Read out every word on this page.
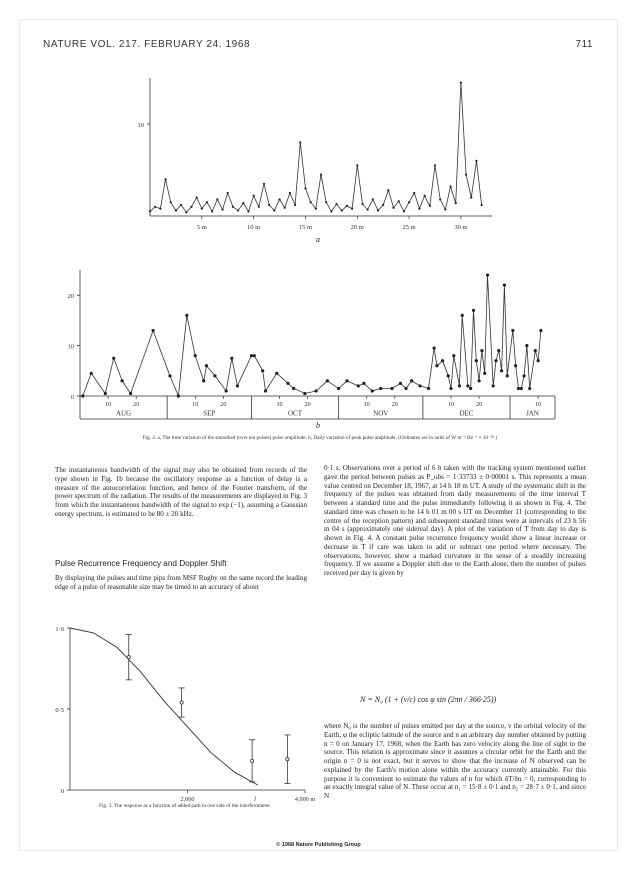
NATURE VOL. 217. FEBRUARY 24. 1968	711
10
5 m	10 m	15 m	20 m	25 m	30 m
a
20
10
0
10	20	10	20	10	20	10	20	10	20	10
AUG	SEP	OCT	NOV	DEC	JAN
b
Fig. 2. a, The time variation of the smoothed (over ten pulses) pulse amplitude. b, Daily variation of peak pulse amplitude. (Ordinates are in units of W m⁻² Hz⁻¹ × 10⁻²⁸.)
The instantaneous bandwidth of the signal may also be obtained from records of the type shown in Fig. 1b because the oscillatory response as a function of delay is a measure of the autocorrelation function, and hence of the Fourier transform, of the power spectrum of the radiation. The results of the measurements are displayed in Fig. 3 from which the instantaneous bandwidth of the signal to exp (−1), assuming a Gaussian energy spectrum, is estimated to be 80 ± 20 kHz.
Pulse Recurrence Frequency and Doppler Shift
By displaying the pulses and time pips from MSF Rugby on the same record the leading edge of a pulse of reasonable size may be timed to an accuracy of about
1·0
0·5
0
2,000	4,000 m
l
Fig. 3. The response as a function of added path in one side of the interferometer.
0·1 s. Observations over a period of 6 h taken with the tracking system mentioned earlier gave the period between pulses as P_obs = 1·33733 ± 0·00001 s. This represents a mean value centred on December 18, 1967, at 14 h 18 m UT. A study of the systematic shift in the frequency of the pulses was obtained from daily measurements of the time interval T between a standard time and the pulse immediately following it as shown in Fig. 4. The standard time was chosen to be 14 h 01 m 00 s UT on December 11 (corresponding to the centre of the reception pattern) and subsequent standard times were at intervals of 23 h 56 m 04 s (approximately one sidereal day). A plot of the variation of T from day to day is shown in Fig. 4. A constant pulse recurrence frequency would show a linear increase or decrease in T if care was taken to add or subtract one period where necessary. The observations, however, show a marked curvature in the sense of a steadily increasing frequency. If we assume a Doppler shift due to the Earth alone, then the number of pulses received per day is given by
N = N₀ (1 + (v/c) cos φ sin (2πn / 366·25))
where N₀ is the number of pulses emitted per day at the source, v the orbital velocity of the Earth, φ the ecliptic latitude of the source and n an arbitrary day number obtained by putting n = 0 on January 17, 1968, when the Earth has zero velocity along the line of sight to the source. This relation is approximate since it assumes a circular orbit for the Earth and the origin n = 0 is not exact, but it serves to show that the increase of N observed can be explained by the Earth's motion alone within the accuracy currently attainable. For this purpose it is convenient to estimate the values of n for which δT/δn = 0, corresponding to an exactly integral value of N. These occur at n₁ = 15·8 ± 0·1 and n₂ = 28·7 ± 0·1, and since N
© 1968 Nature Publishing Group
